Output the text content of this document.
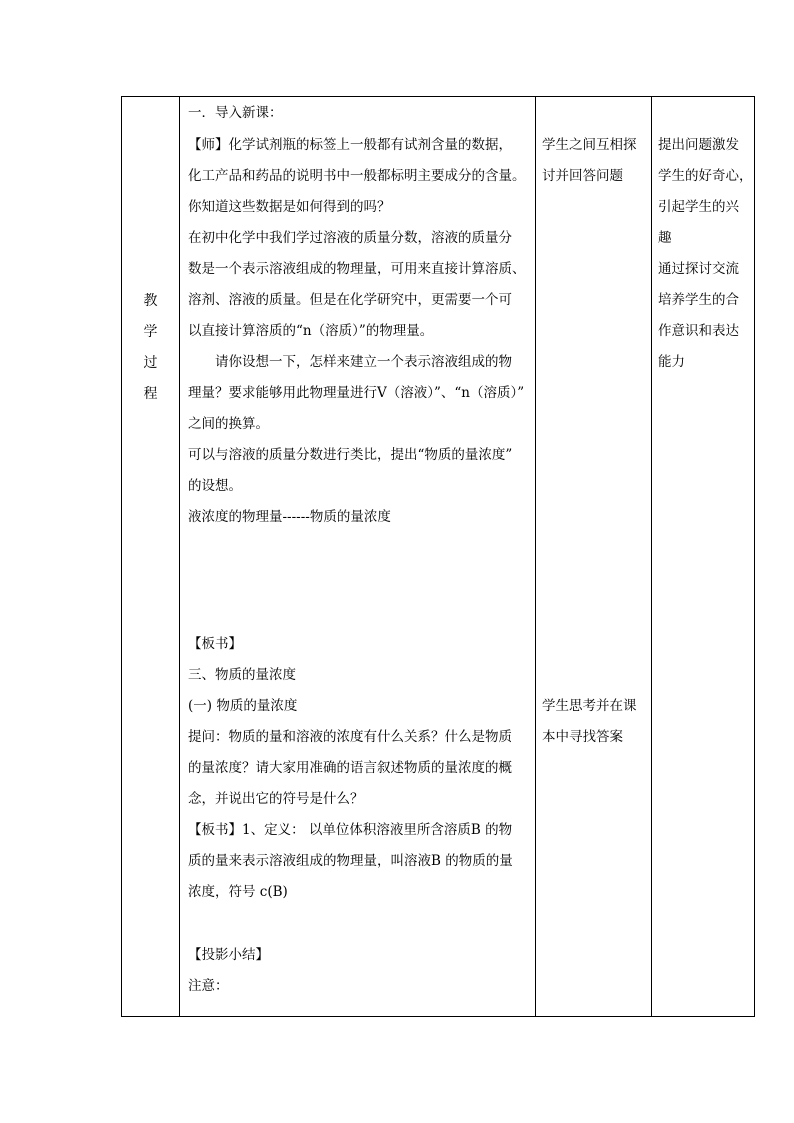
教
学
过
程
一．导入新课：
【师】化学试剂瓶的标签上一般都有试剂含量的数据，
化工产品和药品的说明书中一般都标明主要成分的含量。
你知道这些数据是如何得到的吗？
在初中化学中我们学过溶液的质量分数，溶液的质量分
数是一个表示溶液组成的物理量，可用来直接计算溶质、
溶剂、溶液的质量。但是在化学研究中，更需要一个可
以直接计算溶质的“n（溶质）”的物理量。
请你设想一下，怎样来建立一个表示溶液组成的物
理量？要求能够用此物理量进行V（溶液）”、“n（溶质）”
之间的换算。
可以与溶液的质量分数进行类比，提出“物质的量浓度”
的设想。
液浓度的物理量------物质的量浓度
【板书】
三、物质的量浓度
(一) 物质的量浓度
提问：物质的量和溶液的浓度有什么关系？什么是物质
的量浓度？请大家用准确的语言叙述物质的量浓度的概
念，并说出它的符号是什么？
【板书】1、定义： 以单位体积溶液里所含溶质B 的物
质的量来表示溶液组成的物理量，叫溶液B 的物质的量
浓度，符号 c(B)
【投影小结】
注意：
学生之间互相探
讨并回答问题
学生思考并在课
本中寻找答案
提出问题激发
学生的好奇心，
引起学生的兴
趣
通过探讨交流
培养学生的合
作意识和表达
能力
